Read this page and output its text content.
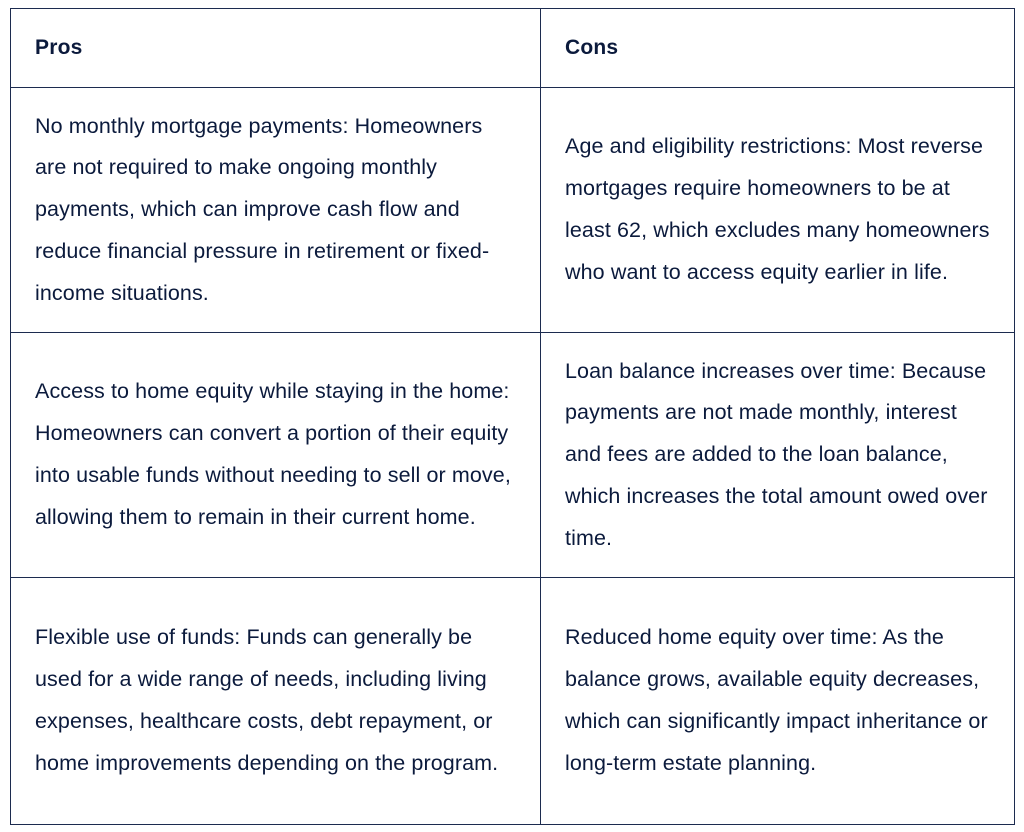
Pros	Cons
No monthly mortgage payments: Homeowners are not required to make ongoing monthly payments, which can improve cash flow and reduce financial pressure in retirement or fixed-income situations.	Age and eligibility restrictions: Most reverse mortgages require homeowners to be at least 62, which excludes many homeowners who want to access equity earlier in life.
Access to home equity while staying in the home: Homeowners can convert a portion of their equity into usable funds without needing to sell or move, allowing them to remain in their current home.	Loan balance increases over time: Because payments are not made monthly, interest and fees are added to the loan balance, which increases the total amount owed over time.
Flexible use of funds: Funds can generally be used for a wide range of needs, including living expenses, healthcare costs, debt repayment, or home improvements depending on the program.	Reduced home equity over time: As the balance grows, available equity decreases, which can significantly impact inheritance or long-term estate planning.
